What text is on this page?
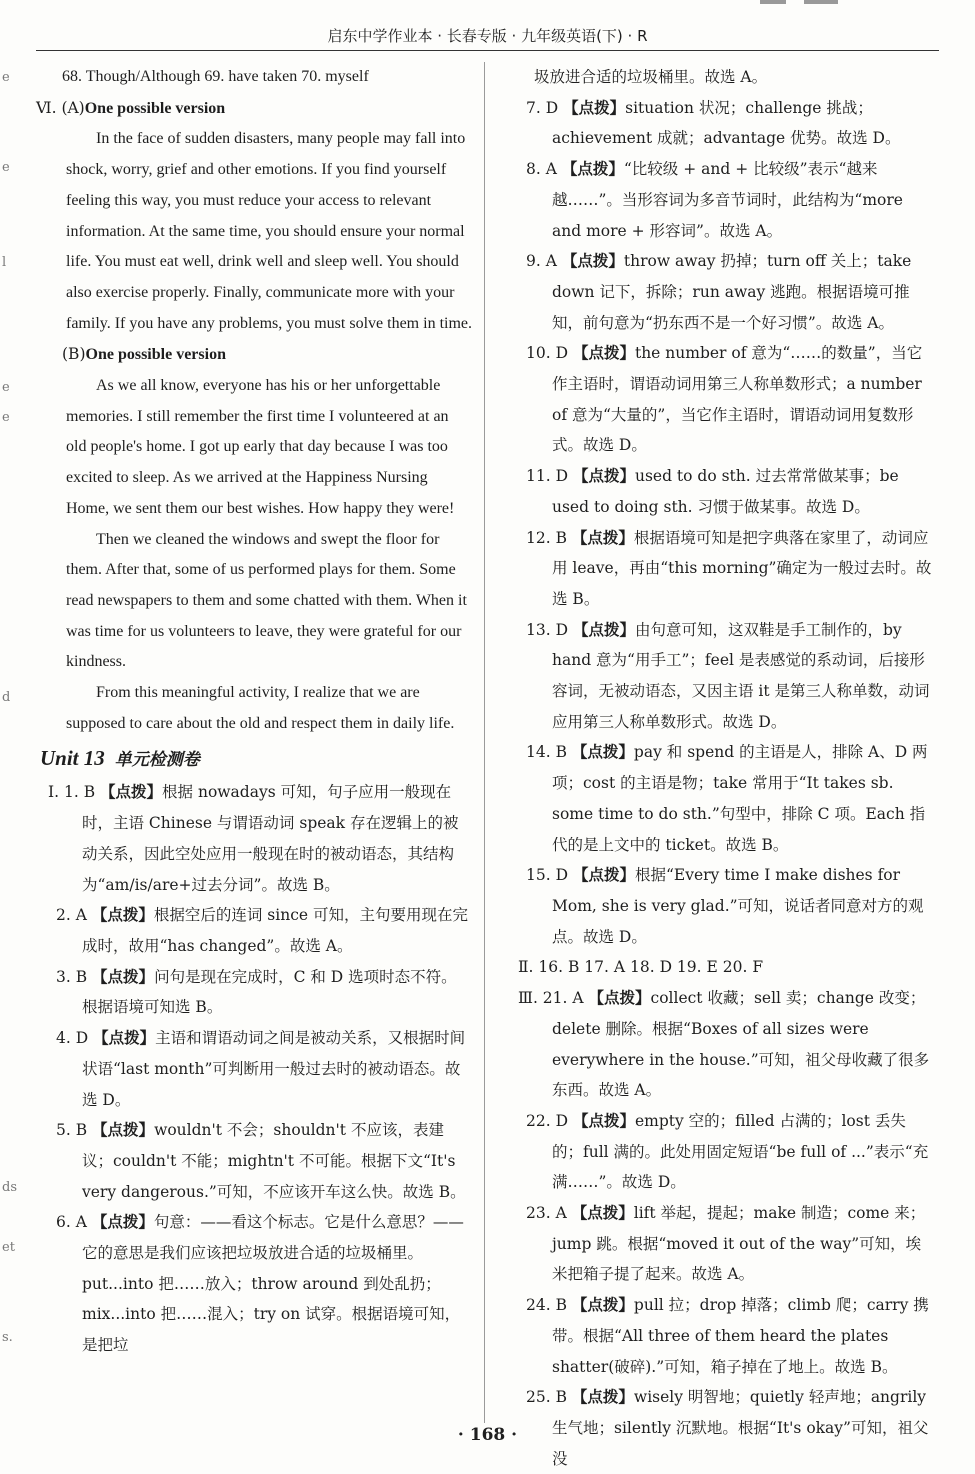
启东中学作业本 · 长春专版 · 九年级英语(下) · R
e
e
l
e
e
d
ds
et
s.

68. Though/Although 69. have taken 70. myself

Ⅵ. (A)One possible version

In the face of sudden disasters, many people may fall into shock, worry, grief and other emotions. If you find yourself feeling this way, you must reduce your access to relevant information. At the same time, you should ensure your normal life. You must eat well, drink well and sleep well. You should also exercise properly. Finally, communicate more with your family. If you have any problems, you must solve them in time.

(B)One possible version

As we all know, everyone has his or her unforgettable memories. I still remember the first time I volunteered at an old people's home. I got up early that day because I was too excited to sleep. As we arrived at the Happiness Nursing Home, we sent them our best wishes. How happy they were!

Then we cleaned the windows and swept the floor for them. After that, some of us performed plays for them. Some read newspapers to them and some chatted with them. When it was time for us volunteers to leave, they were grateful for our kindness.

From this meaningful activity, I realize that we are supposed to care about the old and respect them in daily life.

Unit 13 单元检测卷

Ⅰ. 1. B 【点拨】根据 nowadays 可知，句子应用一般现在时，主语 Chinese 与谓语动词 speak 存在逻辑上的被动关系，因此空处应用一般现在时的被动语态，其结构为“am/is/are+过去分词”。故选 B。

2. A 【点拨】根据空后的连词 since 可知，主句要用现在完成时，故用“has changed”。故选 A。

3. B 【点拨】问句是现在完成时，C 和 D 选项时态不符。根据语境可知选 B。

4. D 【点拨】主语和谓语动词之间是被动关系，又根据时间状语“last month”可判断用一般过去时的被动语态。故选 D。

5. B 【点拨】wouldn't 不会；shouldn't 不应该，表建议；couldn't 不能；mightn't 不可能。根据下文“It's very dangerous.”可知，不应该开车这么快。故选 B。

6. A 【点拨】句意：——看这个标志。它是什么意思？——它的意思是我们应该把垃圾放进合适的垃圾桶里。put...into 把……放入；throw around 到处乱扔；mix...into 把……混入；try on 试穿。根据语境可知，是把垃

圾放进合适的垃圾桶里。故选 A。

7. D 【点拨】situation 状况；challenge 挑战；achievement 成就；advantage 优势。故选 D。

8. A 【点拨】“比较级 + and + 比较级”表示“越来越……”。当形容词为多音节词时，此结构为“more and more + 形容词”。故选 A。

9. A 【点拨】throw away 扔掉；turn off 关上；take down 记下，拆除；run away 逃跑。根据语境可推知，前句意为“扔东西不是一个好习惯”。故选 A。

10. D 【点拨】the number of 意为“……的数量”，当它作主语时，谓语动词用第三人称单数形式；a number of 意为“大量的”，当它作主语时，谓语动词用复数形式。故选 D。

11. D 【点拨】used to do sth. 过去常常做某事；be used to doing sth. 习惯于做某事。故选 D。

12. B 【点拨】根据语境可知是把字典落在家里了，动词应用 leave，再由“this morning”确定为一般过去时。故选 B。

13. D 【点拨】由句意可知，这双鞋是手工制作的，by hand 意为“用手工”；feel 是表感觉的系动词，后接形容词，无被动语态，又因主语 it 是第三人称单数，动词应用第三人称单数形式。故选 D。

14. B 【点拨】pay 和 spend 的主语是人，排除 A、D 两项；cost 的主语是物；take 常用于“It takes sb. some time to do sth.”句型中，排除 C 项。Each 指代的是上文中的 ticket。故选 B。

15. D 【点拨】根据“Every time I make dishes for Mom, she is very glad.”可知，说话者同意对方的观点。故选 D。

Ⅱ. 16. B 17. A 18. D 19. E 20. F

Ⅲ. 21. A 【点拨】collect 收藏；sell 卖；change 改变；delete 删除。根据“Boxes of all sizes were everywhere in the house.”可知，祖父母收藏了很多东西。故选 A。

22. D 【点拨】empty 空的；filled 占满的；lost 丢失的；full 满的。此处用固定短语“be full of ...”表示“充满……”。故选 D。

23. A 【点拨】lift 举起，提起；make 制造；come 来；jump 跳。根据“moved it out of the way”可知，埃米把箱子提了起来。故选 A。

24. B 【点拨】pull 拉；drop 掉落；climb 爬；carry 携带。根据“All three of them heard the plates shatter(破碎).”可知，箱子掉在了地上。故选 B。

25. B 【点拨】wisely 明智地；quietly 轻声地；angrily 生气地；silently 沉默地。根据“It's okay”可知，祖父没

· 168 ·
